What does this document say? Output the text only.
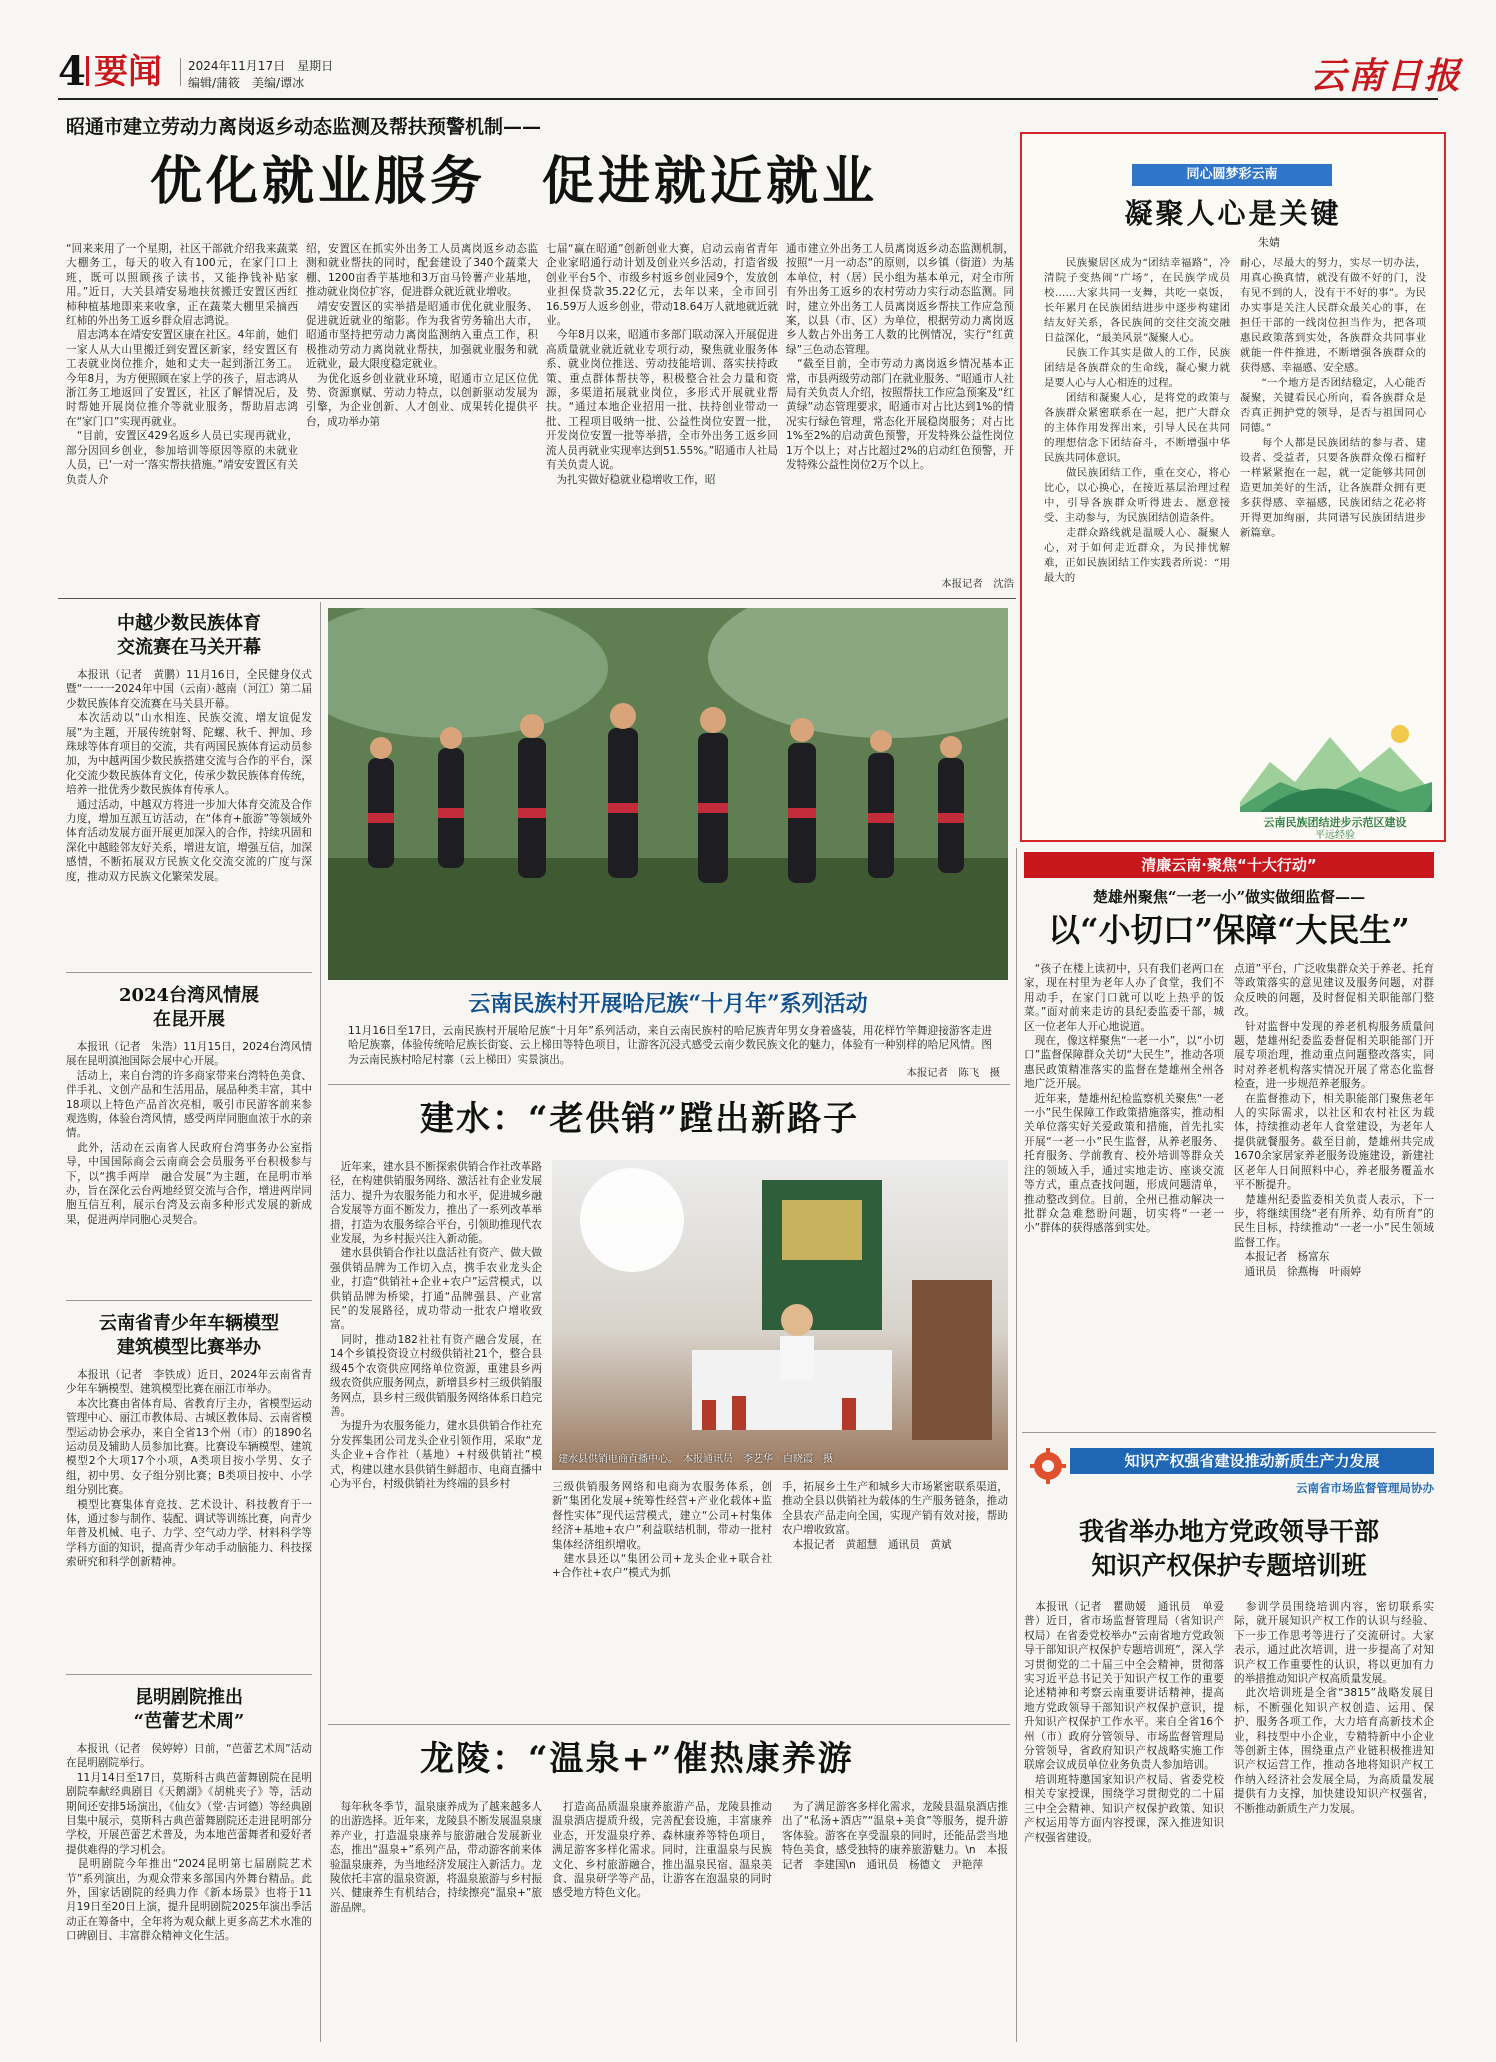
4 要闻 2024年11月17日　星期日
编辑/蒲筱　美编/谭冰	云南日报
昭通市建立劳动力离岗返乡动态监测及帮扶预警机制——
优化就业服务　促进就近就业

“回来来用了一个星期，社区干部就介绍我来蔬菜大棚务工，每天的收入有100元，在家门口上班，既可以照顾孩子读书，又能挣钱补贴家用。”近日，大关县靖安易地扶贫搬迁安置区西红柿种植基地即来来收拿，正在蔬菜大棚里采摘西红柿的外出务工返乡群众眉志鸿说。
　眉志鸿本在靖安安置区康在社区。4年前，她们一家人从大山里搬迁到安置区新家，经安置区有工表就业岗位推介，她和丈夫一起到浙江务工。今年8月，为方便照顾在家上学的孩子，眉志鸿从浙江务工地返回了安置区，社区了解情况后，及时帮她开展岗位推介等就业服务，帮助眉志鸿在“家门口”实现再就业。
　“目前，安置区429名返乡人员已实现再就业，部分因回乡创业，参加培训等原因等原的未就业人员，已‘一对一’落实帮扶措施。”靖安安置区有关负责人介

绍，安置区在抓实外出务工人员离岗返乡动态监测和就业帮扶的同时，配套建设了340个蔬菜大棚、1200亩香芋基地和3万亩马铃薯产业基地，推动就业岗位扩容，促进群众就近就业增收。
　靖安安置区的实举措是昭通市优化就业服务、促进就近就业的缩影。作为我省劳务输出大市，昭通市坚持把劳动力离岗监测纳入重点工作，积极推动劳动力离岗就业帮扶，加强就业服务和就近就业，最大限度稳定就业。
　为优化返乡创业就业环境，昭通市立足区位优势、资源禀赋、劳动力特点，以创新驱动发展为引擎，为企业创新、人才创业、成果转化提供平台，成功举办第

七届“赢在昭通”创新创业大赛，启动云南省青年企业家昭通行动计划及创业兴乡活动，打造省级创业平台5个、市级乡村返乡创业园9个，发放创业担保贷款35.22亿元，去年以来，全市回引16.59万人返乡创业，带动18.64万人就地就近就业。
　今年8月以来，昭通市多部门联动深入开展促进高质量就业就近就业专项行动，聚焦就业服务体系、就业岗位推送、劳动技能培训、落实扶持政策、重点群体帮扶等，积极整合社会力量和资源，多渠道拓展就业岗位，多形式开展就业帮扶。“通过本地企业招用一批、扶持创业带动一批、工程项目吸纳一批、公益性岗位安置一批，开发岗位安置一批等举措，全市外出务工返乡回流人员再就业实现率达到51.55%。”昭通市人社局有关负责人说。
　为扎实做好稳就业稳增收工作，昭

通市建立外出务工人员离岗返乡动态监测机制，按照“一月一动态”的原则，以乡镇（街道）为基本单位，村（居）民小组为基本单元，对全市所有外出务工返乡的农村劳动力实行动态监测。同时，建立外出务工人员离岗返乡帮扶工作应急预案，以县（市、区）为单位，根据劳动力离岗返乡人数占外出务工人数的比例情况，实行“红黄绿”三色动态管理。
　“截至目前，全市劳动力离岗返乡情况基本正常，市县两级劳动部门在就业服务、“昭通市人社局有关负责人介绍，按照帮扶工作应急预案及“红黄绿”动态管理要求，昭通市对占比达到1%的情况实行绿色管理，常态化开展稳岗服务；对占比1%至2%的启动黄色预警，开发特殊公益性岗位1万个以上；对占比超过2%的启动红色预警，开发特殊公益性岗位2万个以上。

本报记者　沈浩
同心圆梦彩云南
凝聚人心是关键
朱婧

　　民族聚居区成为“团结幸福路”，冷清院子变热闹“广场”，在民族学成员校……大家共同一支舞，共吃一桌饭，长年累月在民族团结进步中逐步构建团结友好关系，各民族间的交往交流交融日益深化，“最美风景”凝聚人心。
　　民族工作其实是做人的工作，民族团结是各族群众的生命线，凝心聚力就是要人心与人心相连的过程。
　　团结和凝聚人心，是将党的政策与各族群众紧密联系在一起，把广大群众的主体作用发挥出来，引导人民在共同的理想信念下团结奋斗，不断增强中华民族共同体意识。
　　做民族团结工作，重在交心，将心比心，以心换心，在接近基层治理过程中，引导各族群众听得进去、愿意接受、主动参与，为民族团结创造条件。
　　走群众路线就是温暖人心、凝聚人心，对于如何走近群众，为民排忧解难，正如民族团结工作实践者所说：“用最大的

耐心，尽最大的努力，实尽一切办法，用真心换真情，就没有做不好的门，没有见不到的人，没有干不好的事”。为民办实事是关注人民群众最关心的事，在担任干部的一线岗位担当作为，把各项惠民政策落到实处，各族群众共同事业就能一件件推进，不断增强各族群众的获得感、幸福感、安全感。
　　“一个地方是否团结稳定，人心能否凝聚，关键看民心所向，看各族群众是否真正拥护党的领导，是否与祖国同心同德。”
　　每个人都是民族团结的参与者、建设者、受益者，只要各族群众像石榴籽一样紧紧抱在一起，就一定能够共同创造更加美好的生活，让各族群众拥有更多获得感、幸福感，民族团结之花必将开得更加绚丽，共同谱写民族团结进步新篇章。

云南民族团结进步示范区建设
平远经验
中越少数民族体育
交流赛在马关开幕

　本报讯（记者　黄鹏）11月16日，全民健身仪式暨“一一一2024年中国（云南）·越南（河江）第二届少数民族体育交流赛在马关县开幕。
　本次活动以“山水相连、民族交流、增友谊促发展”为主题，开展传统射弩、陀螺、秋千、押加、珍珠球等体育项目的交流，共有两国民族体育运动员参加，为中越两国少数民族搭建交流与合作的平台，深化交流少数民族体育文化，传承少数民族体育传统，培养一批优秀少数民族体育传承人。
　通过活动，中越双方将进一步加大体育交流及合作力度，增加互派互访活动，在“体育+旅游”等领域外体育活动发展方面开展更加深入的合作，持续巩固和深化中越睦邻友好关系，增进友谊，增强互信，加深感情，不断拓展双方民族文化交流交流的广度与深度，推动双方民族文化繁荣发展。

2024台湾风情展
在昆开展

　本报讯（记者　朱浩）11月15日，2024台湾风情展在昆明滇池国际会展中心开展。
　活动上，来自台湾的许多商家带来台湾特色美食、伴手礼、文创产品和生活用品，展品种类丰富，其中18项以上特色产品首次亮相，吸引市民游客前来参观选购，体验台湾风情，感受两岸同胞血浓于水的亲情。
　此外，活动在云南省人民政府台湾事务办公室指导，中国国际商会云南商会会员服务平台积极参与下，以“携手两岸　融合发展”为主题，在昆明市举办，旨在深化云台两地经贸交流与合作，增进两岸同胞互信互利，展示台湾及云南多种形式发展的新成果，促进两岸同胞心灵契合。

云南省青少年车辆模型
建筑模型比赛举办

　本报讯（记者　李铁成）近日，2024年云南省青少年车辆模型、建筑模型比赛在丽江市举办。
　本次比赛由省体育局、省教育厅主办，省模型运动管理中心、丽江市教体局、古城区教体局、云南省模型运动协会承办，来自全省13个州（市）的1890名运动员及辅助人员参加比赛。比赛设车辆模型、建筑模型2个大项17个小项，A类项目按小学男、女子组，初中男、女子组分别比赛；B类项目按中、小学组分别比赛。
　模型比赛集体育竞技、艺术设计、科技教育于一体，通过参与制作、装配、调试等训练比赛，向青少年普及机械、电子、力学、空气动力学、材料科学等学科方面的知识，提高青少年动手动脑能力、科技探索研究和科学创新精神。

昆明剧院推出
“芭蕾艺术周”

　本报讯（记者　侯婷婷）日前，“芭蕾艺术周”活动在昆明剧院举行。
　11月14日至17日，莫斯科古典芭蕾舞剧院在昆明剧院奉献经典剧目《天鹅湖》《胡桃夹子》等，活动期间还安排5场演出，《仙女》（堂·吉诃德）等经典剧目集中展示，莫斯科古典芭蕾舞剧院还走进昆明部分学校，开展芭蕾艺术普及，为本地芭蕾舞者和爱好者提供难得的学习机会。
　昆明剧院今年推出“2024昆明第七届剧院艺术节”系列演出，为观众带来多部国内外舞台精品。此外，国家话剧院的经典力作《新本场景》也将于11月19日至20日上演，提升昆明剧院2025年演出季活动正在筹备中，全年将为观众献上更多高艺术水准的口碑剧目、丰富群众精神文化生活。

云南民族村开展哈尼族“十月年”系列活动

11月16日至17日，云南民族村开展哈尼族“十月年”系列活动，来自云南民族村的哈尼族青年男女身着盛装，用花样竹竿舞迎接游客走进哈尼族寨，体验传统哈尼族长街宴、云上梯田等特色项目，让游客沉浸式感受云南少数民族文化的魅力，体验有一种别样的哈尼风情。图为云南民族村哈尼村寨（云上梯田）实景演出。

本报记者　陈飞　摄
建水：“老供销”蹚出新路子

　近年来，建水县不断探索供销合作社改革路径，在构建供销服务网络、激活社有企业发展活力、提升为农服务能力和水平，促进城乡融合发展等方面不断发力，推出了一系列改革举措，打造为农服务综合平台，引领助推现代农业发展，为乡村振兴注入新动能。
　建水县供销合作社以盘活社有资产、做大做强供销品牌为工作切入点，携手农业龙头企业，打造“供销社+企业+农户”运营模式，以供销品牌为桥梁，打通“品牌强县、产业富民”的发展路径，成功带动一批农户增收致富。
　同时，推动182社社有资产融合发展，在14个乡镇投资设立村级供销社21个，整合县级45个农资供应网络单位资源，重建县乡两级农资供应服务网点，新增县乡村三级供销服务网点，县乡村三级供销服务网络体系日趋完善。
　为提升为农服务能力，建水县供销合作社充分发挥集团公司龙头企业引领作用，采取“龙头企业+合作社（基地）+村级供销社”模式，构建以建水县供销生鲜超市、电商直播中心为平台，村级供销社为终端的县乡村

建水县供销电商直播中心。　本报通讯员　李艺华　白晓霞　摄

三级供销服务网络和电商为农服务体系，创新“集团化发展+统筹性经营+产业化载体+监督性实体”现代运营模式，建立“公司+村集体经济+基地+农户”利益联结机制，带动一批村集体经济组织增收。
　建水县还以“集团公司+龙头企业+联合社+合作社+农户”模式为抓

手，拓展乡土生产和城乡大市场紧密联系渠道，推动全县以供销社为载体的生产服务链条，推动全县农产品走向全国，实现产销有效对接，帮助农户增收致富。
　本报记者　黄超慧　通讯员　黄斌

龙陵：“温泉+”催热康养游

　每年秋冬季节，温泉康养成为了越来越多人的出游选择。近年来，龙陵县不断发展温泉康养产业，打造温泉康养与旅游融合发展新业态，推出“温泉+”系列产品，带动游客前来体验温泉康养，为当地经济发展注入新活力。龙陵依托丰富的温泉资源，将温泉旅游与乡村振兴、健康养生有机结合，持续擦亮“温泉+”旅游品牌。

　打造高品质温泉康养旅游产品，龙陵县推动温泉酒店提质升级，完善配套设施，丰富康养业态，开发温泉疗养、森林康养等特色项目，满足游客多样化需求。同时，注重温泉与民族文化、乡村旅游融合，推出温泉民宿、温泉美食、温泉研学等产品，让游客在泡温泉的同时感受地方特色文化。

　为了满足游客多样化需求，龙陵县温泉酒店推出了“私汤+酒店”“温泉+美食”等服务，提升游客体验。游客在享受温泉的同时，还能品尝当地特色美食，感受独特的康养旅游魅力。\n　本报记者　李建国\n　通讯员　杨德文　尹艳萍

清廉云南·聚焦“十大行动”
楚雄州聚焦“一老一小”做实做细监督——
以“小切口”保障“大民生”

　“孩子在楼上读初中，只有我们老两口在家，现在村里为老年人办了食堂，我们不用动手，在家门口就可以吃上热乎的饭菜。”面对前来走访的县纪委监委干部，城区一位老年人开心地说道。
　现在，像这样聚焦“一老一小”，以“小切口”监督保障群众关切“大民生”，推动各项惠民政策精准落实的监督在楚雄州全州各地广泛开展。
　近年来，楚雄州纪检监察机关聚焦“一老一小”民生保障工作政策措施落实，推动相关单位落实好关爱政策和措施，首先扎实开展“一老一小”民生监督，从养老服务、托育服务、学前教育、校外培训等群众关注的领域入手，通过实地走访、座谈交流等方式，重点查找问题，形成问题清单，推动整改到位。目前，全州已推动解决一批群众急难愁盼问题，切实将“一老一小”群体的获得感落到实处。

点道”平台，广泛收集群众关于养老、托育等政策落实的意见建议及服务问题，对群众反映的问题，及时督促相关职能部门整改。
　针对监督中发现的养老机构服务质量问题，楚雄州纪委监委督促相关职能部门开展专项治理，推动重点问题整改落实，同时对养老机构落实情况开展了常态化监督检查，进一步规范养老服务。
　在监督推动下，相关职能部门聚焦老年人的实际需求，以社区和农村社区为载体，持续推动老年人食堂建设，为老年人提供就餐服务。截至目前，楚雄州共完成1670余家居家养老服务设施建设，新建社区老年人日间照料中心，养老服务覆盖水平不断提升。
　楚雄州纪委监委相关负责人表示，下一步，将继续围绕“老有所养、幼有所育”的民生目标，持续推动“一老一小”民生领域监督工作。
　本报记者　杨富东
　通讯员　徐燕梅　叶雨婷

知识产权强省建设推动新质生产力发展
云南省市场监督管理局协办
我省举办地方党政领导干部
知识产权保护专题培训班

　本报讯（记者　瞿勋媛　通讯员　单爱普）近日，省市场监督管理局（省知识产权局）在省委党校举办“云南省地方党政领导干部知识产权保护专题培训班”，深入学习贯彻党的二十届三中全会精神，贯彻落实习近平总书记关于知识产权工作的重要论述精神和考察云南重要讲话精神，提高地方党政领导干部知识产权保护意识，提升知识产权保护工作水平。来自全省16个州（市）政府分管领导、市场监督管理局分管领导，省政府知识产权战略实施工作联席会议成员单位业务负责人参加培训。
　培训班特邀国家知识产权局、省委党校相关专家授课，围绕学习贯彻党的二十届三中全会精神、知识产权保护政策、知识产权运用等方面内容授课，深入推进知识产权强省建设。

　参训学员围绕培训内容，密切联系实际，就开展知识产权工作的认识与经验、下一步工作思考等进行了交流研讨。大家表示，通过此次培训，进一步提高了对知识产权工作重要性的认识，将以更加有力的举措推动知识产权高质量发展。
　此次培训班是全省“3815”战略发展目标，不断强化知识产权创造、运用、保护、服务各项工作，大力培育高新技术企业，科技型中小企业，专精特新中小企业等创新主体，围绕重点产业链积极推进知识产权运营工作，推动各地将知识产权工作纳入经济社会发展全局，为高质量发展提供有力支撑，加快建设知识产权强省，不断推动新质生产力发展。
